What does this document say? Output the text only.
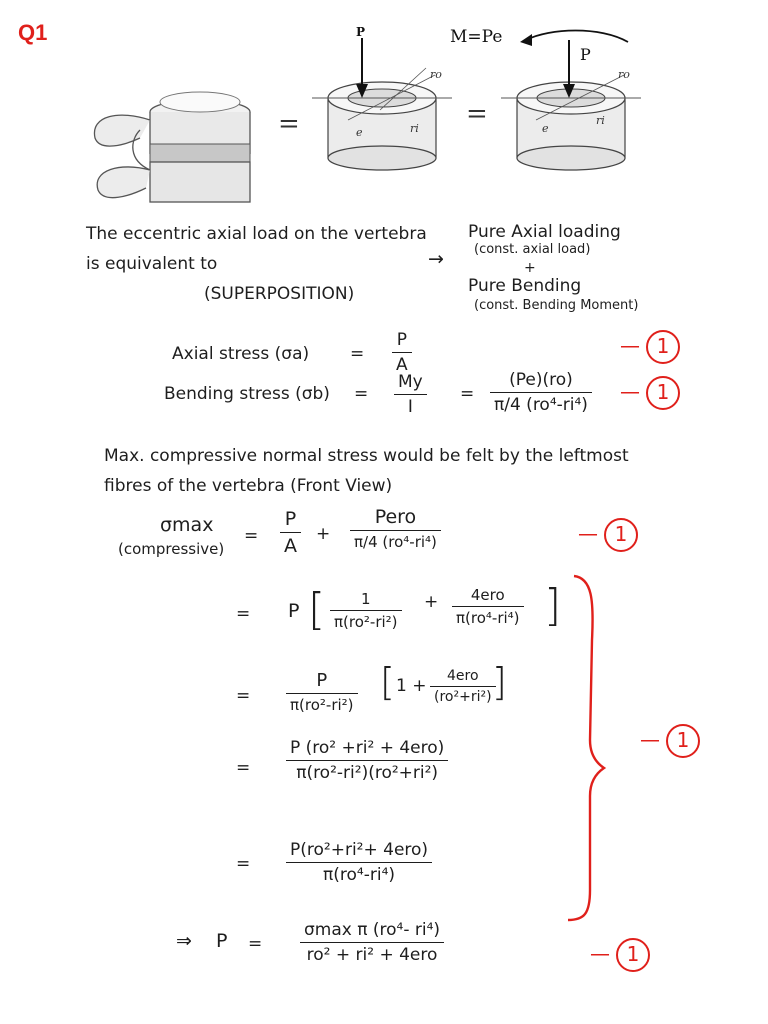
Q1
=
P
ro
ri
e
=
P
M=Pe
ro
ri
e
The eccentric axial load on the vertebra
is equivalent to
(SUPERPOSITION)
→
Pure Axial loading
(const. axial load)
+
Pure Bending
(const. Bending Moment)
Axial stress $(\sigma a) = \frac{P}{A}$	— 1
Bending stress $(\sigma b) = \frac{My}{I} = \frac{(Pe)(ro)}{\text{π/4 (ro⁴-ri⁴)}}$ — 1
Max. compressive normal stress would be felt by the leftmost
fibres of the vertebra (Front View)
σmax
(compressive)
= $\frac{P}{A} + \frac{\text{Pero}}{\text{π/4 (ro⁴-ri⁴)}}$	— 1
= P [ $\frac{1}{\text{π(ro²-ri²)}} + \frac{\text{4ero}}{\text{π(ro⁴-ri⁴)}}$ ]
= $\frac{P}{\text{π(ro²-ri²)}}$ [ $1 + \frac{\text{4ero}}{\text{(ro²+ri²)}}$
]
= $\frac{\text{P (ro² +ri² + 4ero)}}{\text{π(ro²-ri²)(ro²+ri²)}}$
= $\frac{\text{P(ro²+ri²+ 4ero)}}{\text{π(ro⁴-ri⁴)}}$
— 1
⇒ $P = \frac{\text{σmax π (ro⁴- ri⁴)}}{\text{ro² + ri² + 4ero}}$	— 1
